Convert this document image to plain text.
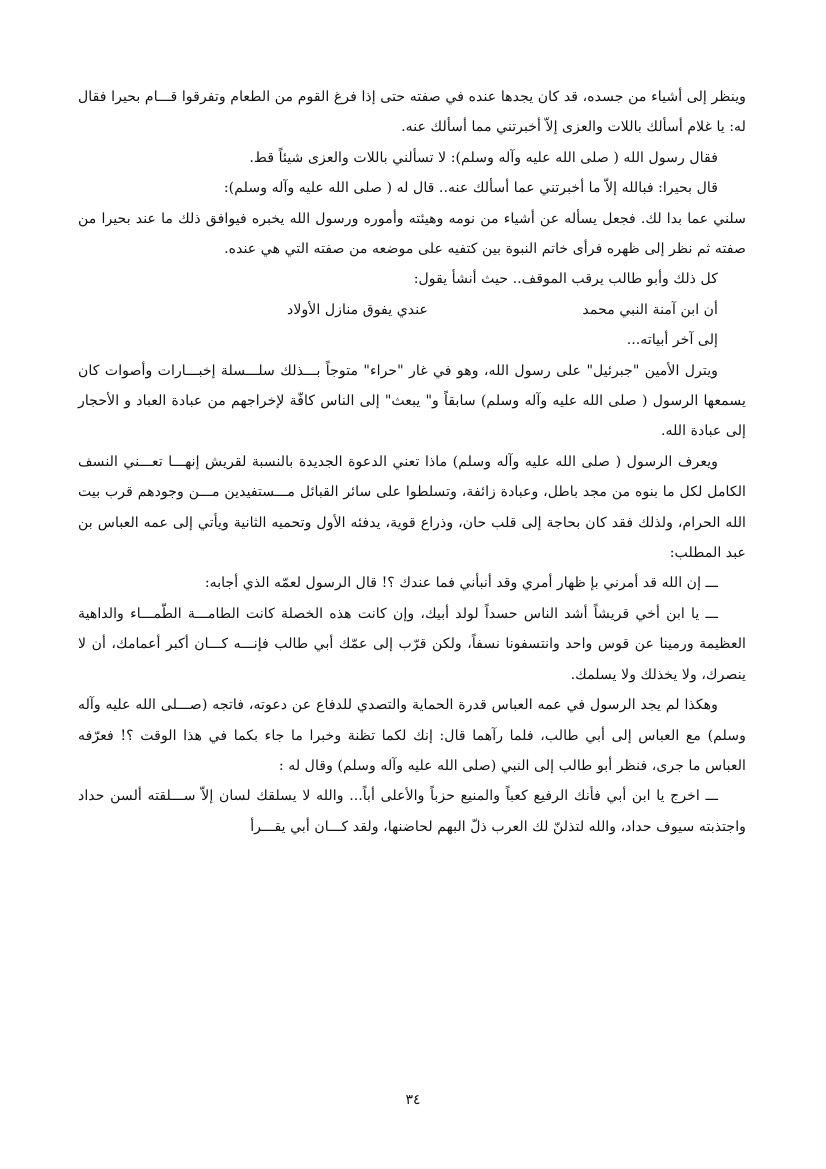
وينظر إلى أشياء من جسده، قد كان يجدها عنده في صفته حتى إذا فرغ القوم من الطعام وتفرقوا قـــام بحيرا فقال له: يا غلام أسألك باللات والعزى إلاّ أخبرتني مما أسألك عنه.

فقال رسول الله ( صلى الله عليه وآله وسلم): لا تسألني باللات والعزى شيئاً قط.

قال بحيرا: فبالله إلاّ ما أخبرتني عما أسألك عنه.. قال له ( صلى الله عليه وآله وسلم):

سلني عما بدا لك. فجعل يسأله عن أشياء من نومه وهيئته وأموره ورسول الله يخبره فيوافق ذلك ما عند بحيرا من صفته ثم نظر إلى ظهره فرأى خاتم النبوة بين كتفيه على موضعه من صفته التي هي عنده.

كل ذلك وأبو طالب يرقب الموقف.. حيث أنشأ يقول:

أن ابن آمنة النبي محمد
عندي يفوق منازل الأولاد

إلى آخر أبياته...

ويترل الأمين "جبرئيل" على رسول الله، وهو في غار "حراء" متوجاً بـــذلك سلـــسلة إخبـــارات وأصوات كان يسمعها الرسول ( صلى الله عليه وآله وسلم) سابقاً و" يبعث" إلى الناس كافّة لإخراجهم من عبادة العباد و الأحجار إلى عبادة الله.

ويعرف الرسول ( صلى الله عليه وآله وسلم) ماذا تعني الدعوة الجديدة بالنسبة لقريش إنهـــا تعـــني النسف الكامل لكل ما بنوه من مجد باطل، وعبادة زائفة، وتسلطوا على سائر القبائل مـــستفيدين مـــن وجودهم قرب بيت الله الحرام، ولذلك فقد كان بحاجة إلى قلب حان، وذراع قوية، يدفئه الأول وتحميه الثانية ويأتي إلى عمه العباس بن عبد المطلب:

ـــ إن الله قد أمرني بإ ظهار أمري وقد أنبأني فما عندك ؟! قال الرسول لعمّه الذي أجابه:

ـــ يا ابن أخي قريشاً أشد الناس حسداً لولد أبيك، وإن كانت هذه الخصلة كانت الطامـــة الطّمـــاء والداهية العظيمة ورمينا عن قوس واحد وانتسفونا نسفاً، ولكن قرّب إلى عمّك أبي طالب فإنـــه كـــان أكبر أعمامك، أن لا ينصرك، ولا يخذلك ولا يسلمك.

وهكذا لم يجد الرسول في عمه العباس قدرة الحماية والتصدي للدفاع عن دعوته، فاتجه (صـــلى الله عليه وآله وسلم) مع العباس إلى أبي طالب، فلما رآهما قال: إنك لكما تظنة وخبرا ما جاء بكما في هذا الوقت ؟! فعرّفه العباس ما جرى، فنظر أبو طالب إلى النبي (صلى الله عليه وآله وسلم) وقال له :

ـــ اخرج يا ابن أبي فأنك الرفيع كعباً والمنيع حزباً والأعلى أباً... والله لا يسلقك لسان إلاّ ســـلقته ألسن حداد واجتذبته سيوف حداد، والله لتذلنّ لك العرب ذلّ البهم لحاضنها، ولقد كـــان أبي يقـــرأ

٣٤
